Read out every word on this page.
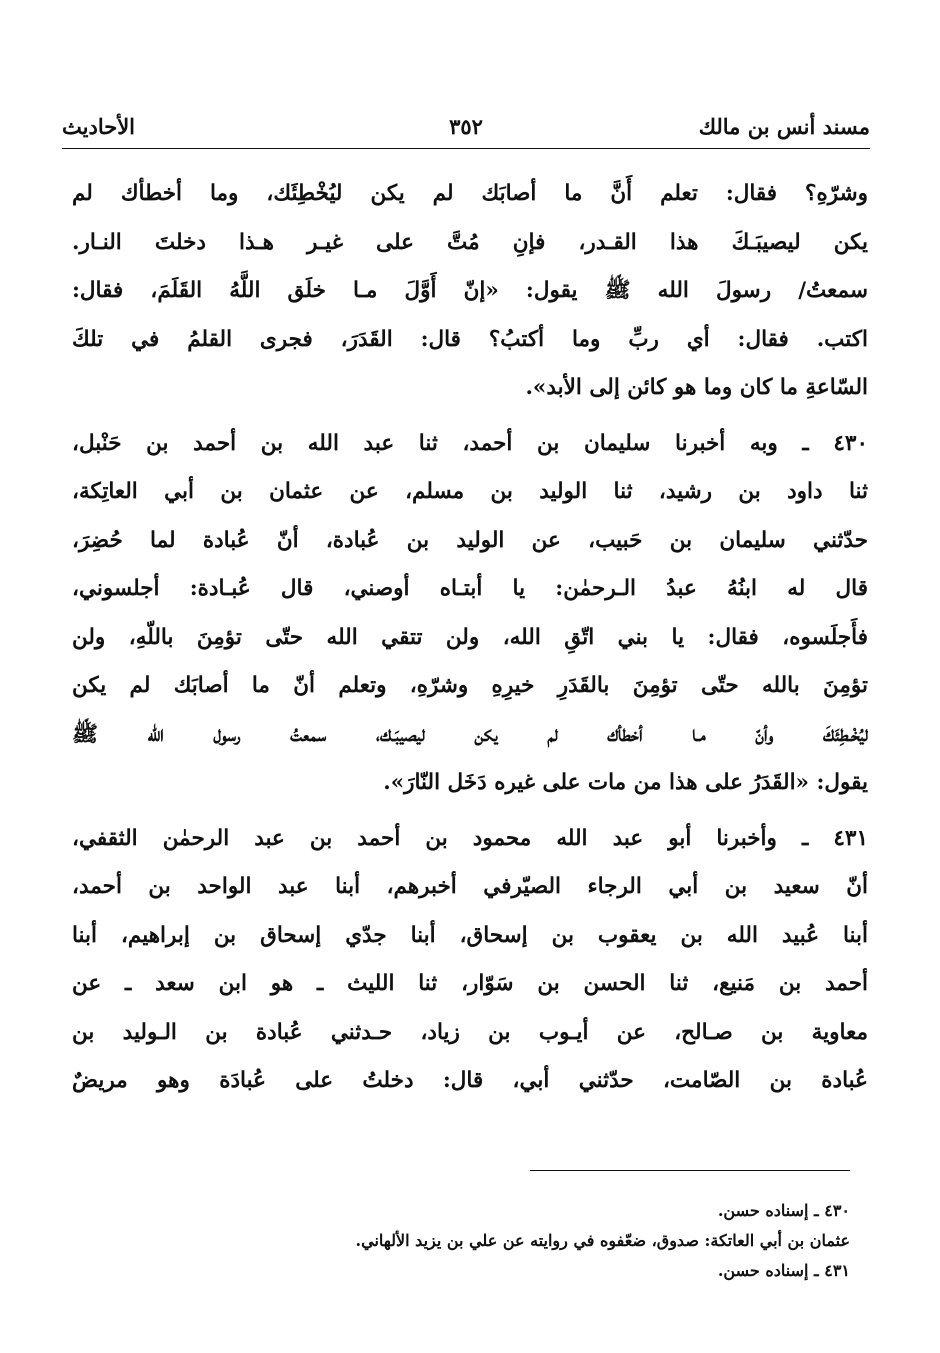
مسند أنس بن مالك
٣٥٢
الأحاديث
وشرّهِ؟ فقال: تعلم أَنَّ ما أصابَك لم يكن ليُخْطِئَك، وما أخطأك لم
يكن ليصيبَـكَ هذا القـدر، فإنِ مُتَّ على غيـر هـذا دخلتَ النـار.
سمعتُ/ رسولَ الله ﷺ يقول: «إنّ أَوَّلَ مـا خلَق اللَّهُ القَلَمَ، فقال:
اكتب. فقال: أي ربِّ وما أكتبُ؟ قال: القَدَرَ، فجرى القلمُ في تلكَ
السّاعةِ ما كان وما هو كائن إلى الأبد».
٤٣٠ ـ وبه أخبرنا سليمان بن أحمد، ثنا عبد الله بن أحمد بن حَنْبل،
ثنا داود بن رشيد، ثنا الوليد بن مسلم، عن عثمان بن أبي العاتِكة،
حدّثني سليمان بن حَبيب، عن الوليد بن عُبادة، أنّ عُبادة لما حُضِرَ،
قال له ابنُهُ عبدُ الـرحمٰن: يا أبتـاه أوصني، قال عُبـادة: أجلسوني،
فأَجلَسوه، فقال: يا بني اتّقِ الله، ولن تتقي الله حتّى تؤمِنَ باللّهِ، ولن
تؤمِنَ بالله حتّى تؤمِنَ بالقَدَرِ خيرِهِ وشرّهِ، وتعلم أنّ ما أصابَك لم يكن
ليُخْـطِئَكَ وأنّ مـا أخطأك لم يكن ليصيبَـك، سمعتُ رسول الله ﷺ
يقول: «القَدَرُ على هذا من مات على غيره دَخَل النّارَ».
٤٣١ ـ وأخبرنا أبو عبد الله محمود بن أحمد بن عبد الرحمٰن الثقفي،
أنّ سعيد بن أبي الرجاء الصيّرفي أخبرهم، أبنا عبد الواحد بن أحمد،
أبنا عُبيد الله بن يعقوب بن إسحاق، أبنا جدّي إسحاق بن إبراهيم، أبنا
أحمد بن مَنيع، ثنا الحسن بن سَوّار، ثنا الليث ـ هو ابن سعد ـ عن
معاوية بن صـالح، عن أيـوب بن زياد، حـدثني عُبادة بن الـوليد بن
عُبادة بن الصّامت، حدّثني أبي، قال: دخلتُ على عُبادَة وهو مريضٌ
٤٣٠ ـ إسناده حسن.
عثمان بن أبي العاتكة: صدوق، ضعّفوه في روايته عن علي بن يزيد الألهاني.
٤٣١ ـ إسناده حسن.
